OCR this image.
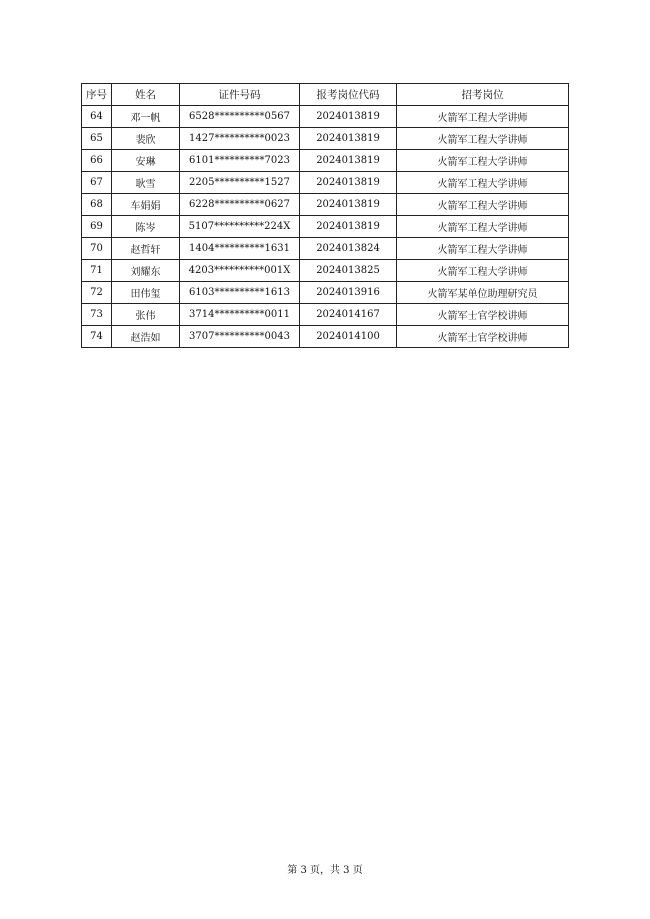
序号	姓名	证件号码	报考岗位代码	招考岗位
64	邓一帆	6528**********0567	2024013819	火箭军工程大学讲师
65	裴欣	1427**********0023	2024013819	火箭军工程大学讲师
66	安琳	6101**********7023	2024013819	火箭军工程大学讲师
67	耿雪	2205**********1527	2024013819	火箭军工程大学讲师
68	车娟娟	6228**********0627	2024013819	火箭军工程大学讲师
69	陈岑	5107**********224X	2024013819	火箭军工程大学讲师
70	赵哲轩	1404**********1631	2024013824	火箭军工程大学讲师
71	刘耀东	4203**********001X	2024013825	火箭军工程大学讲师
72	田伟玺	6103**********1613	2024013916	火箭军某单位助理研究员
73	张伟	3714**********0011	2024014167	火箭军士官学校讲师
74	赵浩如	3707**********0043	2024014100	火箭军士官学校讲师
第 3 页，共 3 页
